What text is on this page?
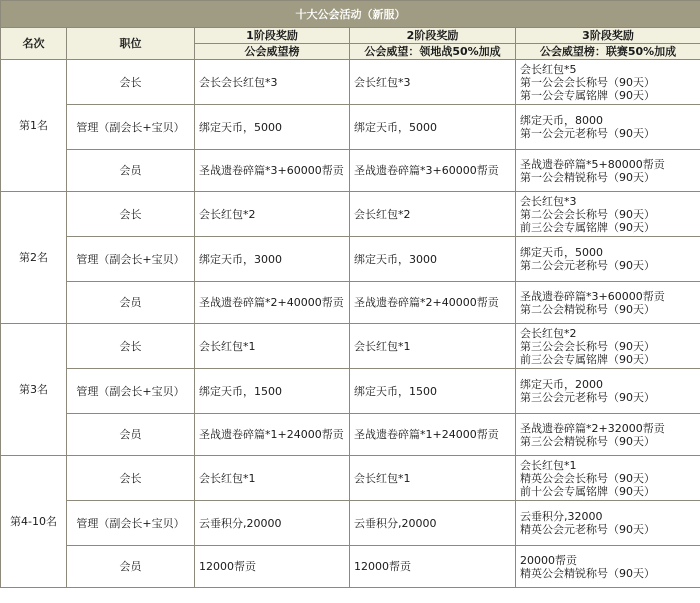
十大公会活动（新服）				
名次	职位	1阶段奖励	2阶段奖励	3阶段奖励
		公会威望榜	公会威望：领地战50%加成	公会威望榜：联赛50%加成
第1名	会长	会长会长红包*3	会长红包*3	会长红包*5
第一公会会长称号（90天）
第一公会专属铭牌（90天）

	管理（副会长+宝贝）	绑定天币，5000	绑定天币，5000	绑定天币，8000
第一公会元老称号（90天）

	会员	圣战遗卷碎篇*3+60000帮贡	圣战遗卷碎篇*3+60000帮贡	圣战遗卷碎篇*5+80000帮贡
第一公会精锐称号（90天）

第2名	会长	会长红包*2	会长红包*2	会长红包*3
第二公会会长称号（90天）
前三公会专属铭牌（90天）

	管理（副会长+宝贝）	绑定天币，3000	绑定天币，3000	绑定天币，5000
第二公会元老称号（90天）

	会员	圣战遗卷碎篇*2+40000帮贡	圣战遗卷碎篇*2+40000帮贡	圣战遗卷碎篇*3+60000帮贡
第二公会精锐称号（90天）

第3名	会长	会长红包*1	会长红包*1	会长红包*2
第三公会会长称号（90天）
前三公会专属铭牌（90天）

	管理（副会长+宝贝）	绑定天币，1500	绑定天币，1500	绑定天币，2000
第三公会元老称号（90天）

	会员	圣战遗卷碎篇*1+24000帮贡	圣战遗卷碎篇*1+24000帮贡	圣战遗卷碎篇*2+32000帮贡
第三公会精锐称号（90天）

第4-10名	会长	会长红包*1	会长红包*1	会长红包*1
精英公会会长称号（90天）
前十公会专属铭牌（90天）

	管理（副会长+宝贝）	云垂积分,20000	云垂积分,20000	云垂积分,32000
精英公会元老称号（90天）

	会员	12000帮贡	12000帮贡	20000帮贡
精英公会精锐称号（90天）
